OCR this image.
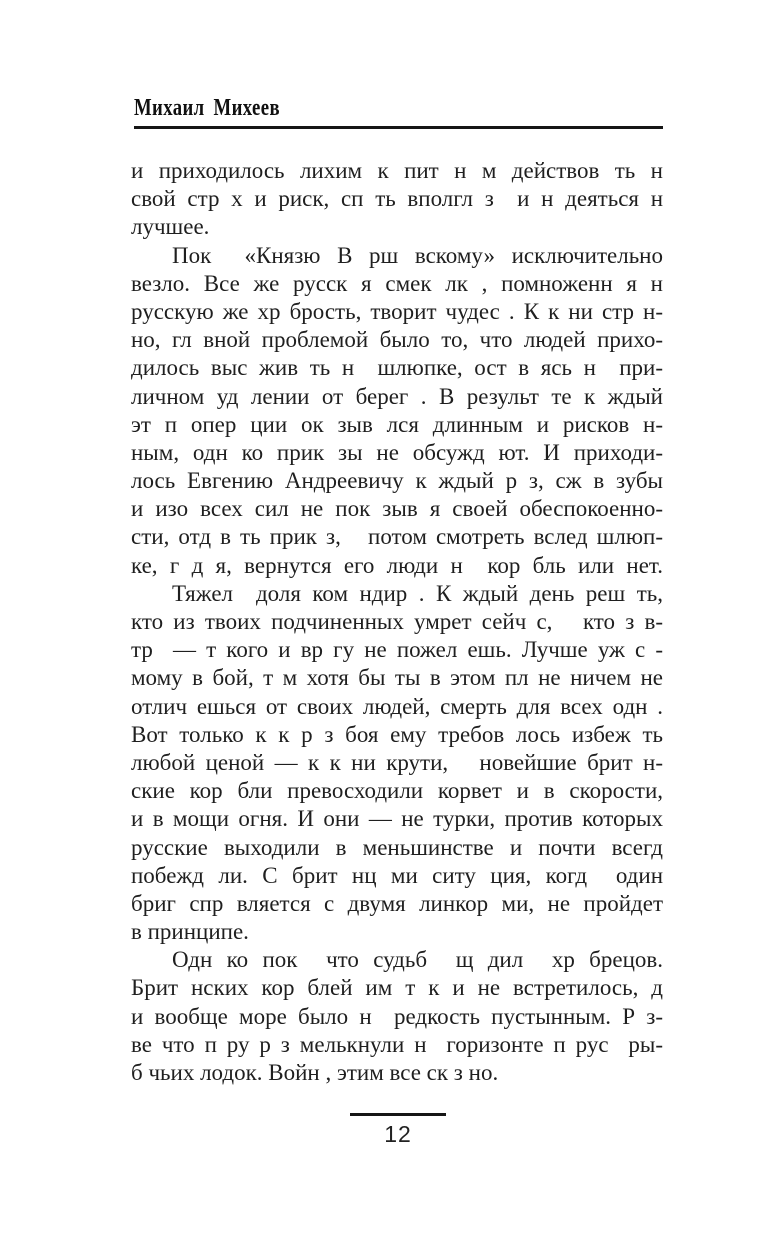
Михаил Михеев
и приходилось лихим к пит н м действов ть н
свой стр х и риск, сп ть вполгл з  и н деяться н
лучшее.
Пок  «Князю В рш вскому» исключительно
везло. Все же русск я смек лк , помноженн я н
русскую же хр брость, творит чудес . К к ни стр н-
но, гл вной проблемой было то, что людей прихо-
дилось выс жив ть н  шлюпке, ост в ясь н  при-
личном уд лении от берег . В результ те к ждый
эт п опер ции ок зыв лся длинным и рисков н-
ным, одн ко прик зы не обсужд ют. И приходи-
лось Евгению Андреевичу к ждый р з, сж в зубы
и изо всех сил не пок зыв я своей обеспокоенно-
сти, отд в ть прик з,   потом смотреть вслед шлюп-
ке, г д я, вернутся его люди н  кор бль или нет.
Тяжел  доля ком ндир . К ждый день реш ть,
кто из твоих подчиненных умрет сейч с,   кто з в-
тр  — т кого и вр гу не пожел ешь. Лучше уж с -
мому в бой, т м хотя бы ты в этом пл не ничем не
отлич ешься от своих людей, смерть для всех одн .
Вот только к к р з боя ему требов лось избеж ть
любой ценой — к к ни крути,   новейшие брит н-
ские кор бли превосходили корвет и в скорости,
и в мощи огня. И они — не турки, против которых
русские выходили в меньшинстве и почти всегд
побежд ли. С брит нц ми ситу ция, когд  один
бриг спр вляется с двумя линкор ми, не пройдет
в принципе.
Одн ко пок  что судьб  щ дил  хр брецов.
Брит нских кор блей им т к и не встретилось, д
и вообще море было н  редкость пустынным. Р з-
ве что п ру р з мелькнули н  горизонте п рус  ры-
б чьих лодок. Войн , этим все ск з но.
12
